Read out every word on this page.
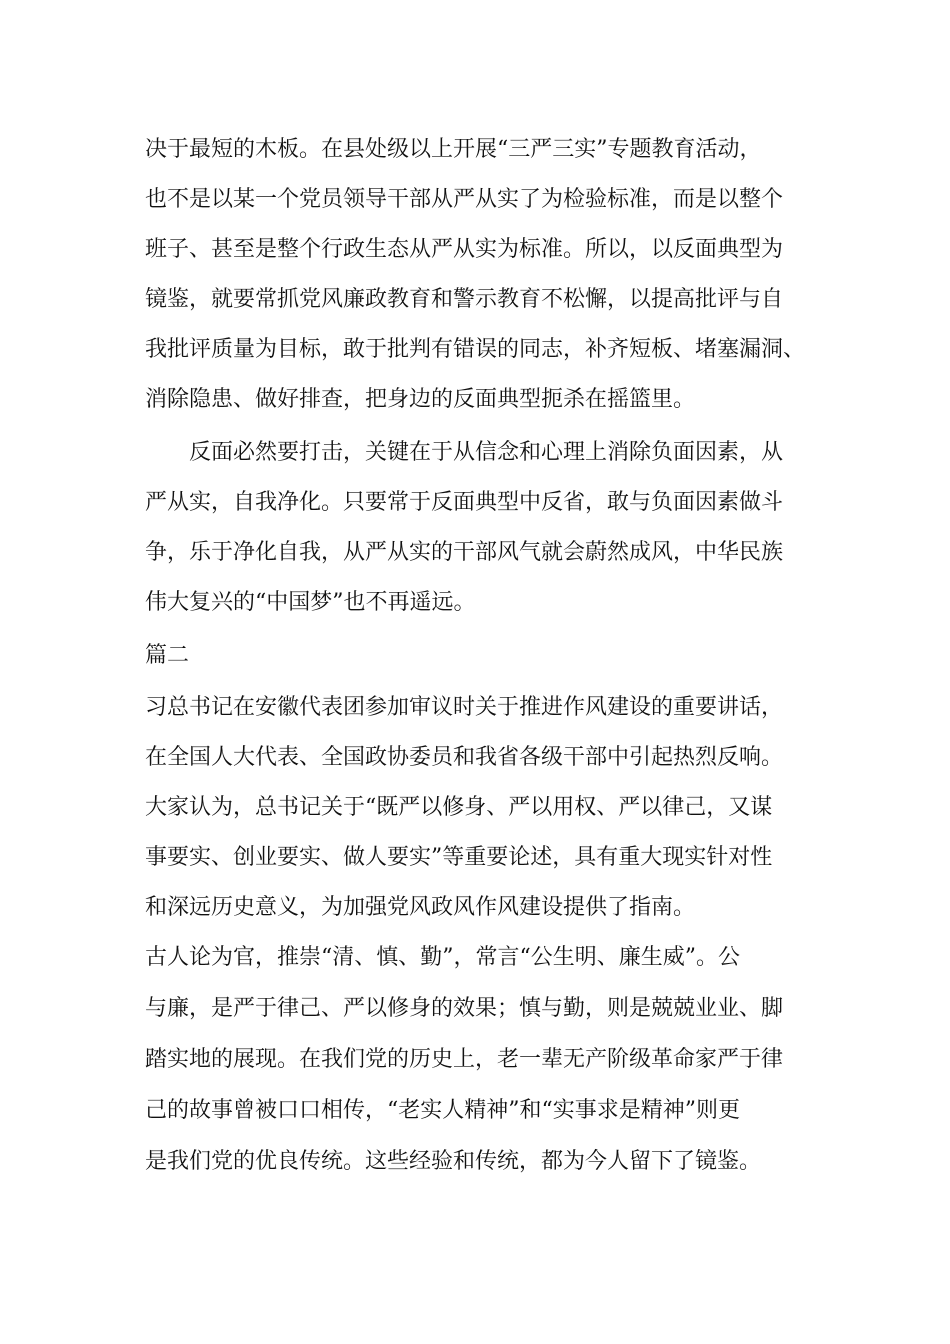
决于最短的木板。在县处级以上开展“三严三实”专题教育活动，

也不是以某一个党员领导干部从严从实了为检验标准，而是以整个

班子、甚至是整个行政生态从严从实为标准。所以，以反面典型为

镜鉴，就要常抓党风廉政教育和警示教育不松懈，以提高批评与自

我批评质量为目标，敢于批判有错误的同志，补齐短板、堵塞漏洞、

消除隐患、做好排查，把身边的反面典型扼杀在摇篮里。

反面必然要打击，关键在于从信念和心理上消除负面因素，从

严从实，自我净化。只要常于反面典型中反省，敢与负面因素做斗

争，乐于净化自我，从严从实的干部风气就会蔚然成风，中华民族

伟大复兴的“中国梦”也不再遥远。

篇二

习总书记在安徽代表团参加审议时关于推进作风建设的重要讲话，

在全国人大代表、全国政协委员和我省各级干部中引起热烈反响。

大家认为，总书记关于“既严以修身、严以用权、严以律己，又谋

事要实、创业要实、做人要实”等重要论述，具有重大现实针对性

和深远历史意义，为加强党风政风作风建设提供了指南。

古人论为官，推崇“清、慎、勤”，常言“公生明、廉生威”。公

与廉，是严于律己、严以修身的效果；慎与勤，则是兢兢业业、脚

踏实地的展现。在我们党的历史上，老一辈无产阶级革命家严于律

己的故事曾被口口相传，“老实人精神”和“实事求是精神”则更

是我们党的优良传统。这些经验和传统，都为今人留下了镜鉴。
